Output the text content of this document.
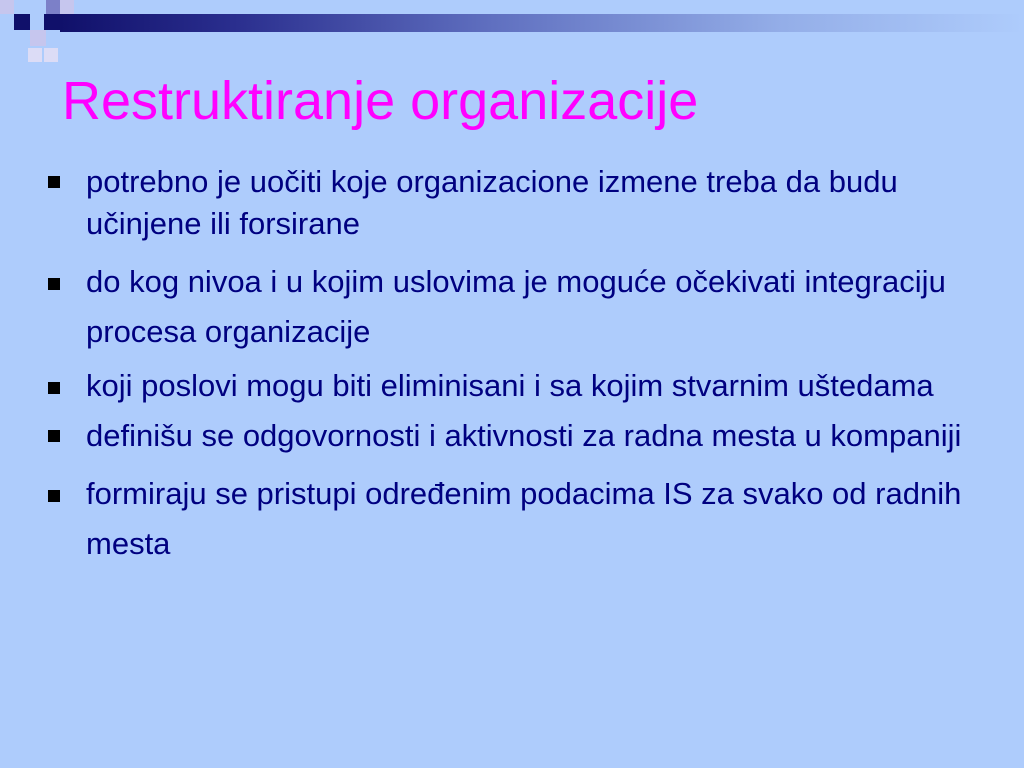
Restruktiranje organizacije
potrebno je uočiti koje organizacione izmene treba da budu učinjene ili forsirane
do kog nivoa i u kojim uslovima je moguće očekivati integraciju procesa organizacije
koji poslovi mogu biti eliminisani i sa kojim stvarnim uštedama
definišu se odgovornosti i aktivnosti za radna mesta u kompaniji
formiraju se pristupi određenim podacima IS za svako od radnih mesta
